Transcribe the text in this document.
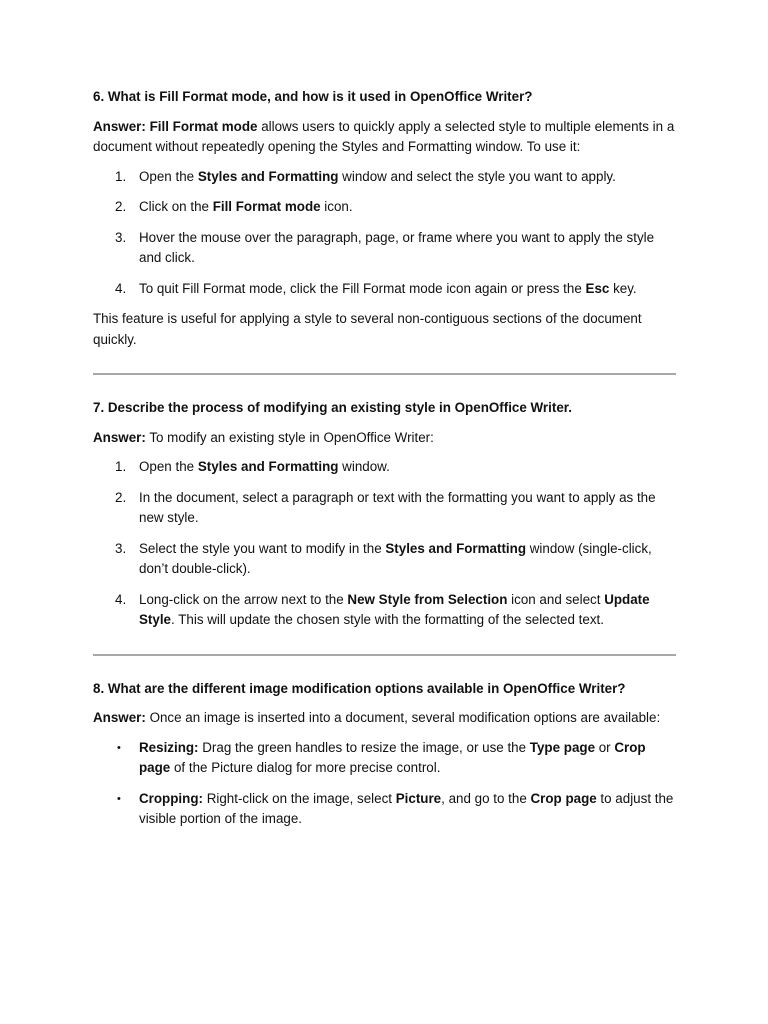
6. What is Fill Format mode, and how is it used in OpenOffice Writer?
Answer: Fill Format mode allows users to quickly apply a selected style to multiple elements in a document without repeatedly opening the Styles and Formatting window. To use it:
1. Open the Styles and Formatting window and select the style you want to apply.
2. Click on the Fill Format mode icon.
3. Hover the mouse over the paragraph, page, or frame where you want to apply the style and click.
4. To quit Fill Format mode, click the Fill Format mode icon again or press the Esc key.
This feature is useful for applying a style to several non-contiguous sections of the document quickly.
7. Describe the process of modifying an existing style in OpenOffice Writer.
Answer: To modify an existing style in OpenOffice Writer:
1. Open the Styles and Formatting window.
2. In the document, select a paragraph or text with the formatting you want to apply as the new style.
3. Select the style you want to modify in the Styles and Formatting window (single-click, don’t double-click).
4. Long-click on the arrow next to the New Style from Selection icon and select Update Style. This will update the chosen style with the formatting of the selected text.
8. What are the different image modification options available in OpenOffice Writer?
Answer: Once an image is inserted into a document, several modification options are available:
• Resizing: Drag the green handles to resize the image, or use the Type page or Crop page of the Picture dialog for more precise control.
• Cropping: Right-click on the image, select Picture, and go to the Crop page to adjust the visible portion of the image.
